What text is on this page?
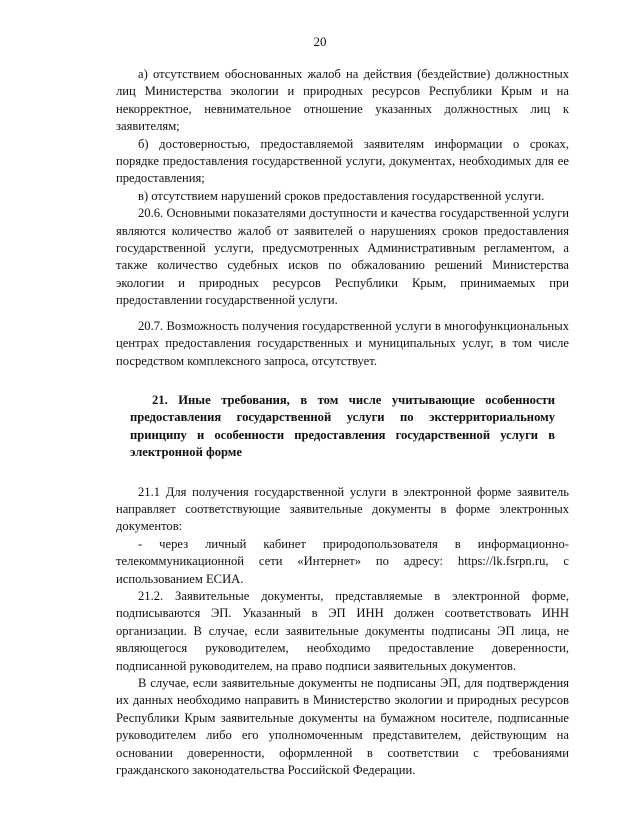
20

а) отсутствием обоснованных жалоб на действия (бездействие) должностных лиц Министерства экологии и природных ресурсов Республики Крым и на некорректное, невнимательное отношение указанных должностных лиц к заявителям;

б) достоверностью, предоставляемой заявителям информации о сроках, порядке предоставления государственной услуги, документах, необходимых для ее предоставления;

в) отсутствием нарушений сроков предоставления государственной услуги.

20.6. Основными показателями доступности и качества государственной услуги являются количество жалоб от заявителей о нарушениях сроков предоставления государственной услуги, предусмотренных Административным регламентом, а также количество судебных исков по обжалованию решений Министерства экологии и природных ресурсов Республики Крым, принимаемых при предоставлении государственной услуги.

20.7. Возможность получения государственной услуги в многофункциональных центрах предоставления государственных и муниципальных услуг, в том числе посредством комплексного запроса, отсутствует.

21. Иные требования, в том числе учитывающие особенности предоставления государственной услуги по экстерриториальному принципу и особенности предоставления государственной услуги в электронной форме

21.1 Для получения государственной услуги в электронной форме заявитель направляет соответствующие заявительные документы в форме электронных документов:

- через личный кабинет природопользователя в информационно-телекоммуникационной сети «Интернет» по адресу: https://lk.fsrpn.ru, с использованием ЕСИА.

21.2. Заявительные документы, представляемые в электронной форме, подписываются ЭП. Указанный в ЭП ИНН должен соответствовать ИНН организации. В случае, если заявительные документы подписаны ЭП лица, не являющегося руководителем, необходимо предоставление доверенности, подписанной руководителем, на право подписи заявительных документов.

В случае, если заявительные документы не подписаны ЭП, для подтверждения их данных необходимо направить в Министерство экологии и природных ресурсов Республики Крым заявительные документы на бумажном носителе, подписанные руководителем либо его уполномоченным представителем, действующим на основании доверенности, оформленной в соответствии с требованиями гражданского законодательства Российской Федерации.
